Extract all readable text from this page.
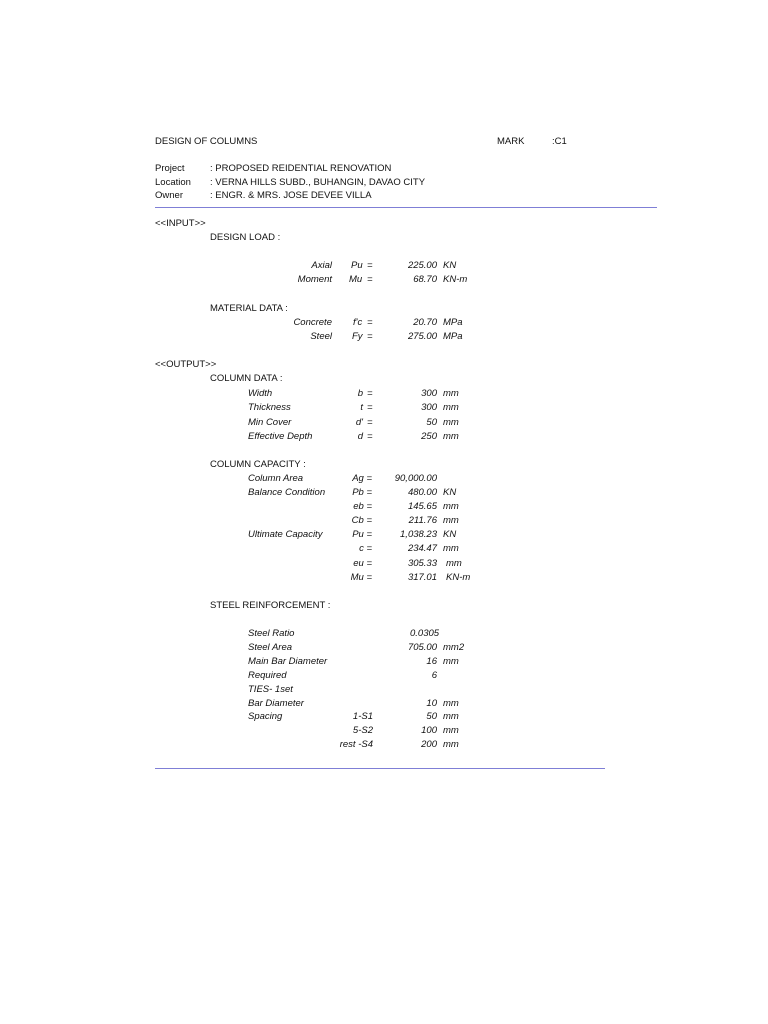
DESIGN OF COLUMNS	MARK	:C1
Project	: PROPOSED REIDENTIAL RENOVATION
Location : VERNA HILLS SUBD., BUHANGIN, DAVAO CITY
Owner	: ENGR. & MRS. JOSE DEVEE VILLA
<<INPUT>>
DESIGN LOAD :
Axial Pu =	225.00 KN
Moment Mu =	68.70 KN-m
MATERIAL DATA :
Concrete f'c =	20.70 MPa
Steel Fy =	275.00 MPa
<<OUTPUT>>
COLUMN DATA :
Width	b =	300 mm
Thickness	t =	300 mm
Min Cover	d' =	50 mm
Effective Depth	d =	250 mm
COLUMN CAPACITY :
Column Area	Ag =	90,000.00
Balance Condition	Pb =	480.00 KN
eb =	145.65 mm
Cb =	211.76 mm
Ultimate Capacity	Pu =	1,038.23 KN
c =	234.47 mm
eu =	305.33 mm
Mu =	317.01 KN-m
STEEL REINFORCEMENT :
Steel Ratio	0.0305
Steel Area	705.00 mm2
Main Bar Diameter	16 mm
Required	6
TIES- 1set
Bar Diameter	10 mm
Spacing	1-S1	50 mm
5-S2	100 mm
rest -S4	200 mm
